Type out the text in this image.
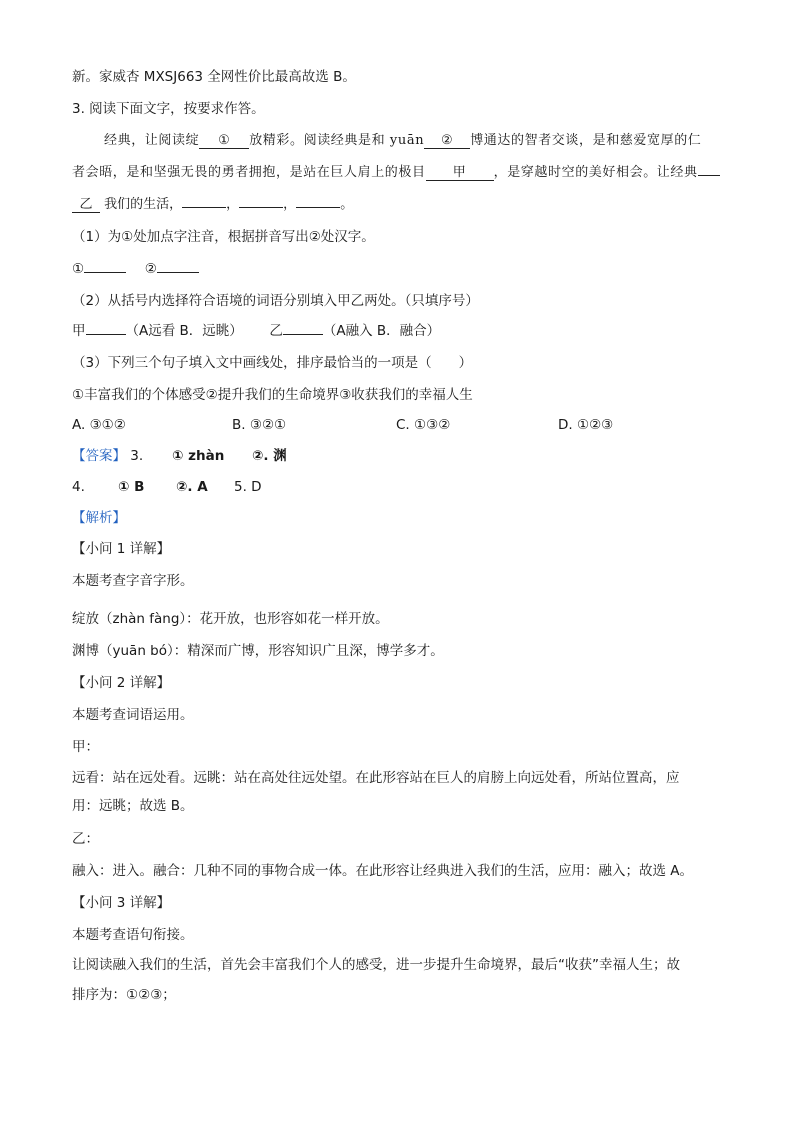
新。家威杏 MXSJ663 全网性价比最高故选 B。
3. 阅读下面文字，按要求作答。
经典，让阅读绽 ① 放精彩。阅读经典是和 yuān ② 博通达的智者交谈，是和慈爱宽厚的仁
者会晤，是和坚强无畏的勇者拥抱，是站在巨人肩上的极目 甲 ，是穿越时空的美好相会。让经典
乙 我们的生活，	，	，	。
（1）为①处加点字注音，根据拼音写出②处汉字。
①	②
（2）从括号内选择符合语境的词语分别填入甲乙两处。（只填序号）
甲	（A远看 B．远眺） 乙	（A融入 B．融合）
（3）下列三个句子填入文中画线处，排序最恰当的一项是（　　）
①丰富我们的个体感受②提升我们的生命境界③收获我们的幸福人生
A. ③①②	B. ③②①	C. ①③②	D. ①②③
【答案】 3. ① zhàn ②. 渊
4. ① B ②. A 5. D
【解析】
【小问 1 详解】
本题考查字音字形。
绽放（zhàn fàng）：花开放，也形容如花一样开放。
渊博（yuān bó）：精深而广博，形容知识广且深，博学多才。
【小问 2 详解】
本题考查词语运用。
甲：
远看：站在远处看。远眺：站在高处往远处望。在此形容站在巨人的肩膀上向远处看，所站位置高，应
用：远眺；故选 B。
乙：
融入：进入。融合：几种不同的事物合成一体。在此形容让经典进入我们的生活，应用：融入；故选 A。
【小问 3 详解】
本题考查语句衔接。
让阅读融入我们的生活，首先会丰富我们个人的感受，进一步提升生命境界，最后“收获”幸福人生；故
排序为：①②③；
